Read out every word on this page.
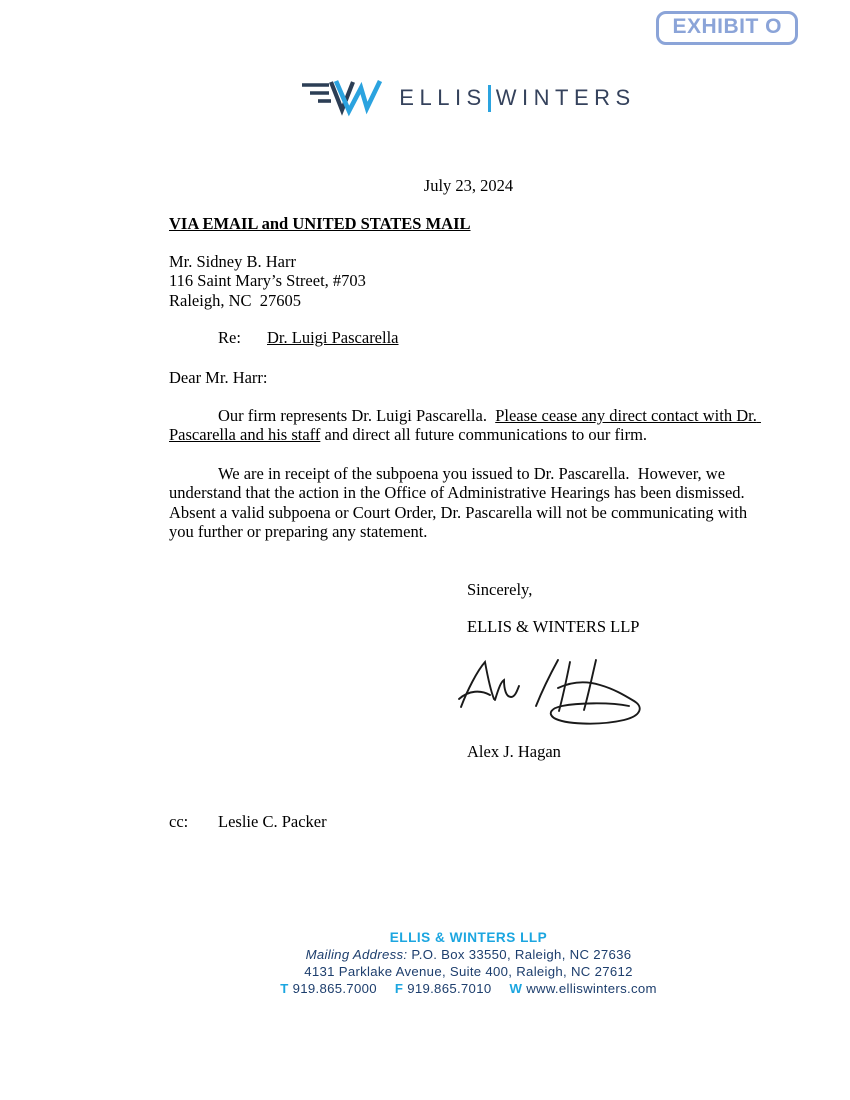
EXHIBIT O
ELLIS WINTERS
July 23, 2024
VIA EMAIL and UNITED STATES MAIL
Mr. Sidney B. Harr
116 Saint Mary’s Street, #703
Raleigh, NC  27605
Re: Dr. Luigi Pascarella
Dear Mr. Harr:

Our firm represents Dr. Luigi Pascarella.  Please cease any direct contact with Dr. Pascarella and his staff and direct all future communications to our firm.

We are in receipt of the subpoena you issued to Dr. Pascarella.  However, we understand that the action in the Office of Administrative Hearings has been dismissed.  Absent a valid subpoena or Court Order, Dr. Pascarella will not be communicating with you further or preparing any statement.

Sincerely,
ELLIS & WINTERS LLP
Alex J. Hagan
cc: Leslie C. Packer
ELLIS & WINTERS LLP
Mailing Address: P.O. Box 33550, Raleigh, NC 27636
4131 Parklake Avenue, Suite 400, Raleigh, NC 27612
T 919.865.7000 F 919.865.7010 W www.elliswinters.com
